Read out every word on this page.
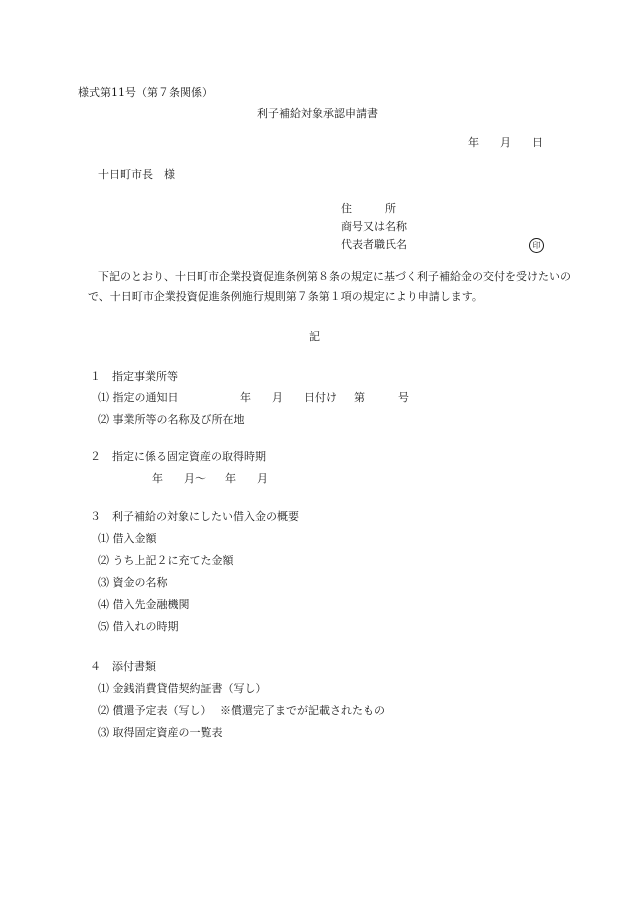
様式第11号（第７条関係）
利子補給対象承認申請書
年 月 日
十日町市長　様
住　　　所
商号又は名称
代表者職氏名	印
下記のとおり、十日町市企業投資促進条例第８条の規定に基づく利子補給金の交付を受けたいの
で、十日町市企業投資促進条例施行規則第７条第１項の規定により申請します。
記
１　指定事業所等
⑴ 指定の通知日	年 月 日付け 第	号
⑵ 事業所等の名称及び所在地
２　指定に係る固定資産の取得時期
年 月〜 年 月
３　利子補給の対象にしたい借入金の概要
⑴ 借入金額
⑵ うち上記２に充てた金額
⑶ 資金の名称
⑷ 借入先金融機関
⑸ 借入れの時期
４　添付書類
⑴ 金銭消費貸借契約証書（写し）
⑵ 償還予定表（写し） ※償還完了までが記載されたもの
⑶ 取得固定資産の一覧表
